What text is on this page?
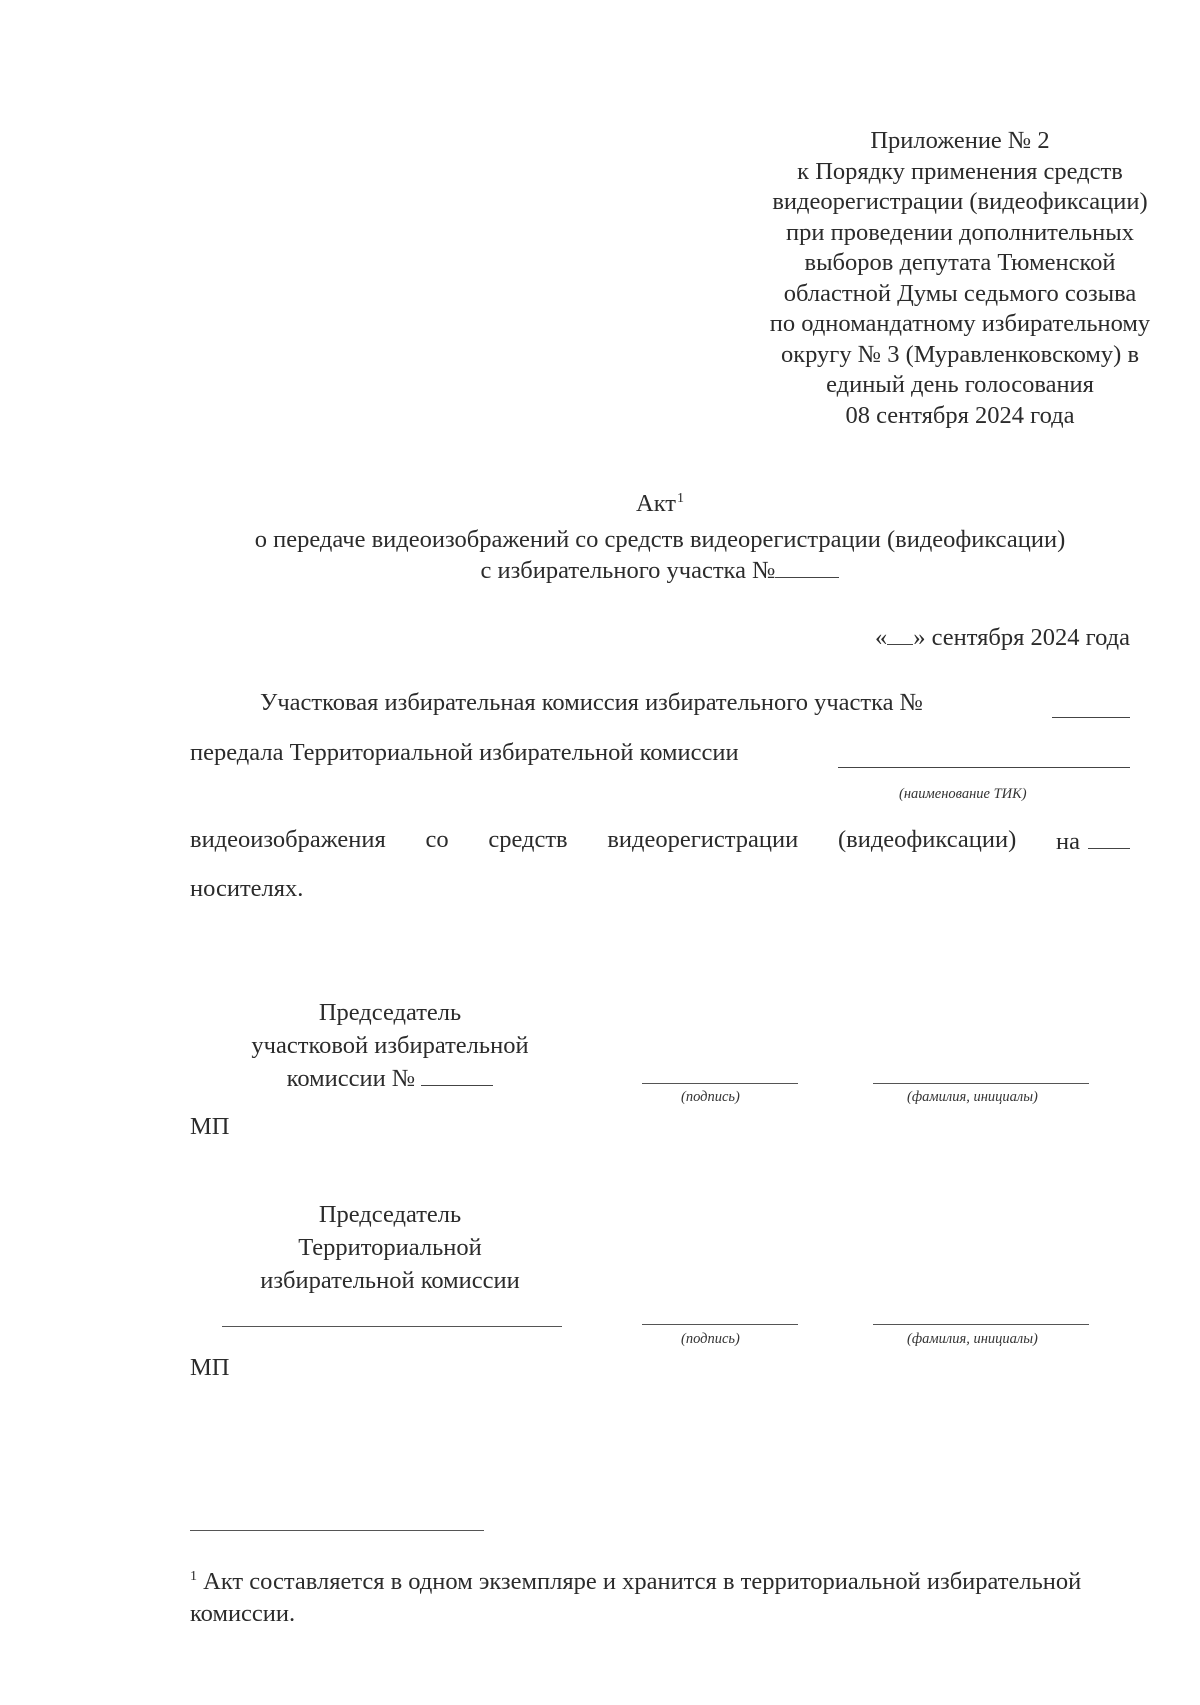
Приложение № 2
к Порядку применения средств
видеорегистрации (видеофиксации)
при проведении дополнительных
выборов депутата Тюменской
областной Думы седьмого созыва
по одномандатному избирательному
округу № 3 (Муравленковскому) в
единый день голосования
08 сентября 2024 года
Акт$^1$
о передаче видеоизображений со средств видеорегистрации (видеофиксации)
с избирательного участка №
« » сентября 2024 года
Участковая избирательная комиссия избирательного участка №
передала Территориальной избирательной комиссии
(наименование ТИК)
видеоизображения со средств видеорегистрации (видеофиксации) на
носителях.
Председатель
участковой избирательной
комиссии №
(подпись)	(фамилия, инициалы)
МП
Председатель
Территориальной
избирательной комиссии
(подпись)	(фамилия, инициалы)
МП
$^1$ Акт составляется в одном экземпляре и хранится в территориальной избирательной комиссии.
